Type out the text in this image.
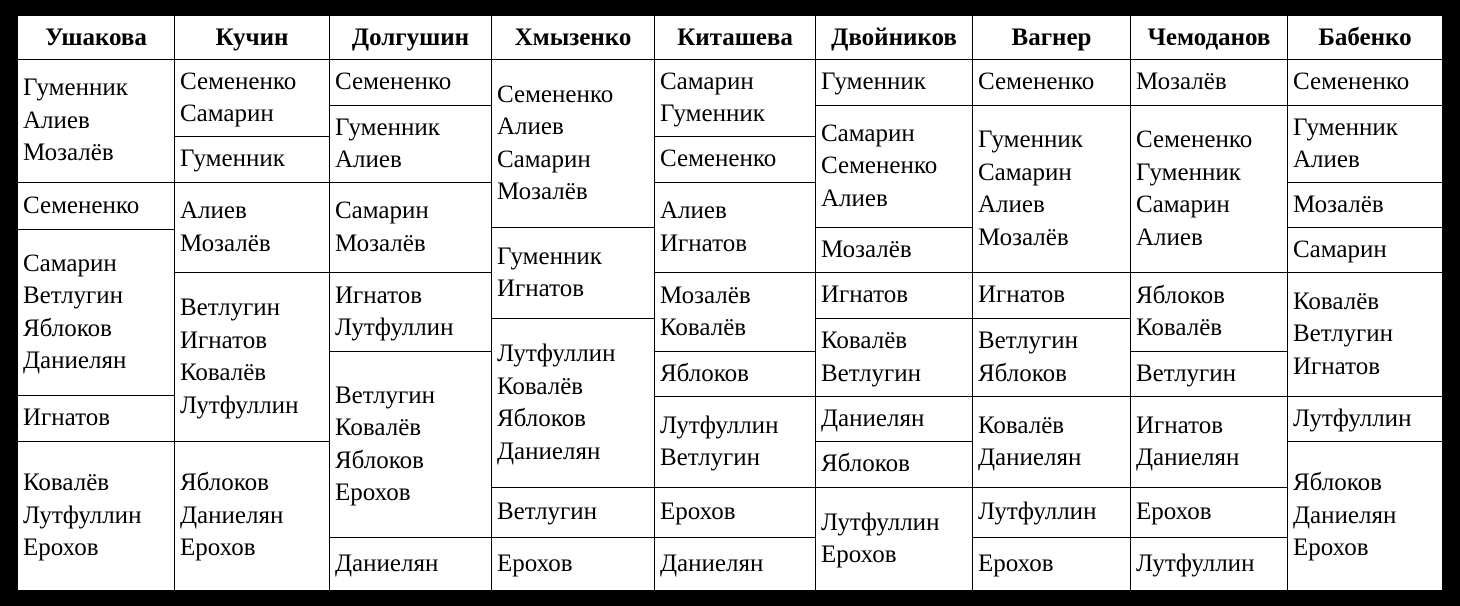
Ушакова
Гуменник
Алиев
Мозалёв
Семененко
Самарин
Ветлугин
Яблоков
Даниелян
Игнатов
Ковалёв
Лутфуллин
Ерохов
Кучин
Семененко
Самарин
Гуменник
Алиев
Мозалёв
Ветлугин
Игнатов
Ковалёв
Лутфуллин
Яблоков
Даниелян
Ерохов
Долгушин
Семененко
Гуменник
Алиев
Самарин
Мозалёв
Игнатов
Лутфуллин
Ветлугин
Ковалёв
Яблоков
Ерохов
Даниелян
Хмызенко
Семененко
Алиев
Самарин
Мозалёв
Гуменник
Игнатов
Лутфуллин
Ковалёв
Яблоков
Даниелян
Ветлугин
Ерохов
Киташева
Самарин
Гуменник
Семененко
Алиев
Игнатов
Мозалёв
Ковалёв
Яблоков
Лутфуллин
Ветлугин
Ерохов
Даниелян
Двойников
Гуменник
Самарин
Семененко
Алиев
Мозалёв
Игнатов
Ковалёв
Ветлугин
Даниелян
Яблоков
Лутфуллин
Ерохов
Вагнер
Семененко
Гуменник
Самарин
Алиев
Мозалёв
Игнатов
Ветлугин
Яблоков
Ковалёв
Даниелян
Лутфуллин
Ерохов
Чемоданов
Мозалёв
Семененко
Гуменник
Самарин
Алиев
Яблоков
Ковалёв
Ветлугин
Игнатов
Даниелян
Ерохов
Лутфуллин
Бабенко
Семененко
Гуменник
Алиев
Мозалёв
Самарин
Ковалёв
Ветлугин
Игнатов
Лутфуллин
Яблоков
Даниелян
Ерохов
